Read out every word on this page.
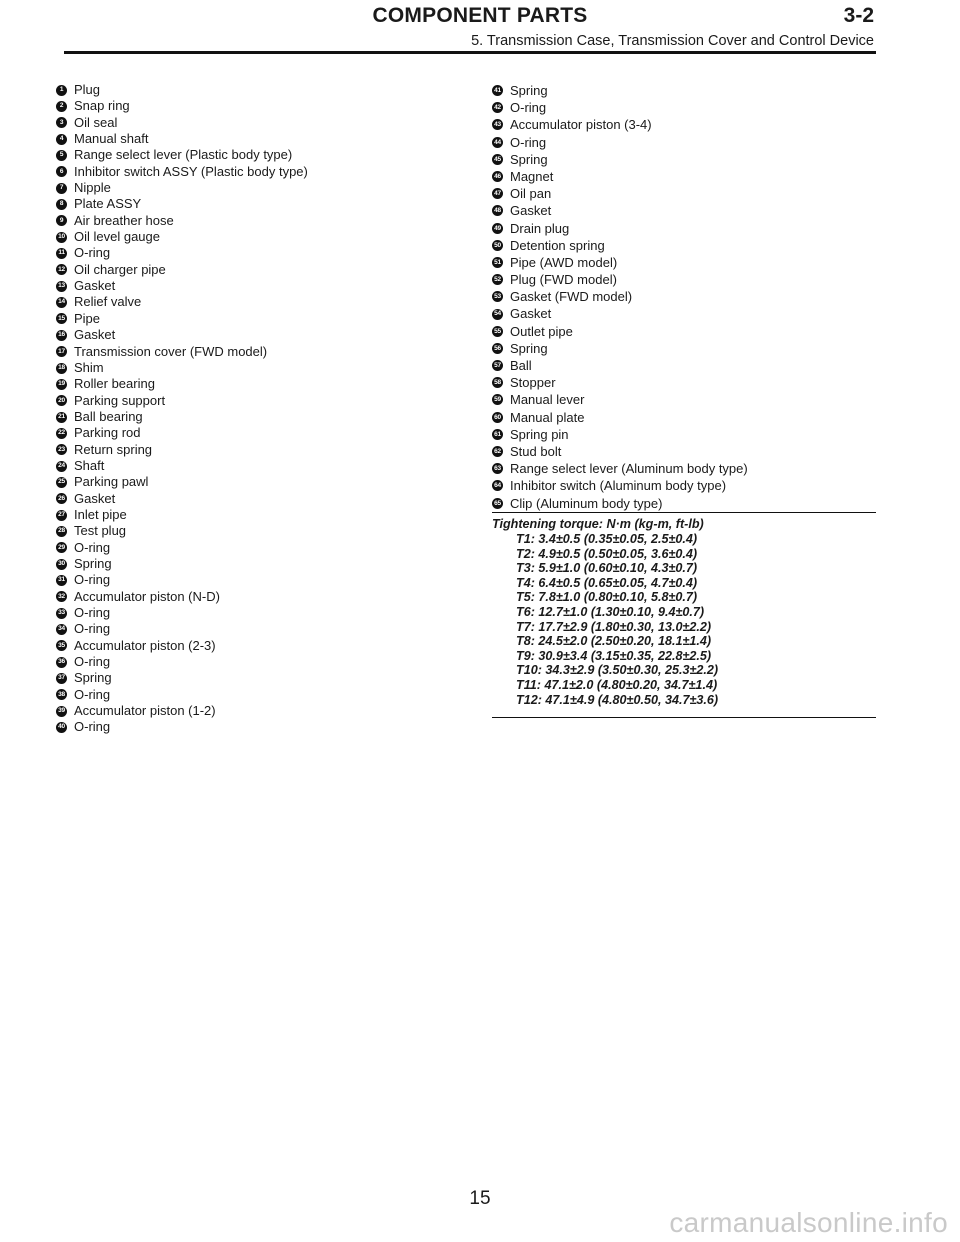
COMPONENT PARTS	3-2
5. Transmission Case, Transmission Cover and Control Device
1 Plug
2 Snap ring
3 Oil seal
4 Manual shaft
5 Range select lever (Plastic body type)
6 Inhibitor switch ASSY (Plastic body type)
7 Nipple
8 Plate ASSY
9 Air breather hose
10 Oil level gauge
11 O-ring
12 Oil charger pipe
13 Gasket
14 Relief valve
15 Pipe
16 Gasket
17 Transmission cover (FWD model)
18 Shim
19 Roller bearing
20 Parking support
21 Ball bearing
22 Parking rod
23 Return spring
24 Shaft
25 Parking pawl
26 Gasket
27 Inlet pipe
28 Test plug
29 O-ring
30 Spring
31 O-ring
32 Accumulator piston (N-D)
33 O-ring
34 O-ring
35 Accumulator piston (2-3)
36 O-ring
37 Spring
38 O-ring
39 Accumulator piston (1-2)
40 O-ring
41 Spring
42 O-ring
43 Accumulator piston (3-4)
44 O-ring
45 Spring
46 Magnet
47 Oil pan
48 Gasket
49 Drain plug
50 Detention spring
51 Pipe (AWD model)
52 Plug (FWD model)
53 Gasket (FWD model)
54 Gasket
55 Outlet pipe
56 Spring
57 Ball
58 Stopper
59 Manual lever
60 Manual plate
61 Spring pin
62 Stud bolt
63 Range select lever (Aluminum body type)
64 Inhibitor switch (Aluminum body type)
65 Clip (Aluminum body type)
Tightening torque: N·m (kg-m, ft-lb)
T1: 3.4±0.5 (0.35±0.05, 2.5±0.4)
T2: 4.9±0.5 (0.50±0.05, 3.6±0.4)
T3: 5.9±1.0 (0.60±0.10, 4.3±0.7)
T4: 6.4±0.5 (0.65±0.05, 4.7±0.4)
T5: 7.8±1.0 (0.80±0.10, 5.8±0.7)
T6: 12.7±1.0 (1.30±0.10, 9.4±0.7)
T7: 17.7±2.9 (1.80±0.30, 13.0±2.2)
T8: 24.5±2.0 (2.50±0.20, 18.1±1.4)
T9: 30.9±3.4 (3.15±0.35, 22.8±2.5)
T10: 34.3±2.9 (3.50±0.30, 25.3±2.2)
T11: 47.1±2.0 (4.80±0.20, 34.7±1.4)
T12: 47.1±4.9 (4.80±0.50, 34.7±3.6)
15
carmanualsonline.info
